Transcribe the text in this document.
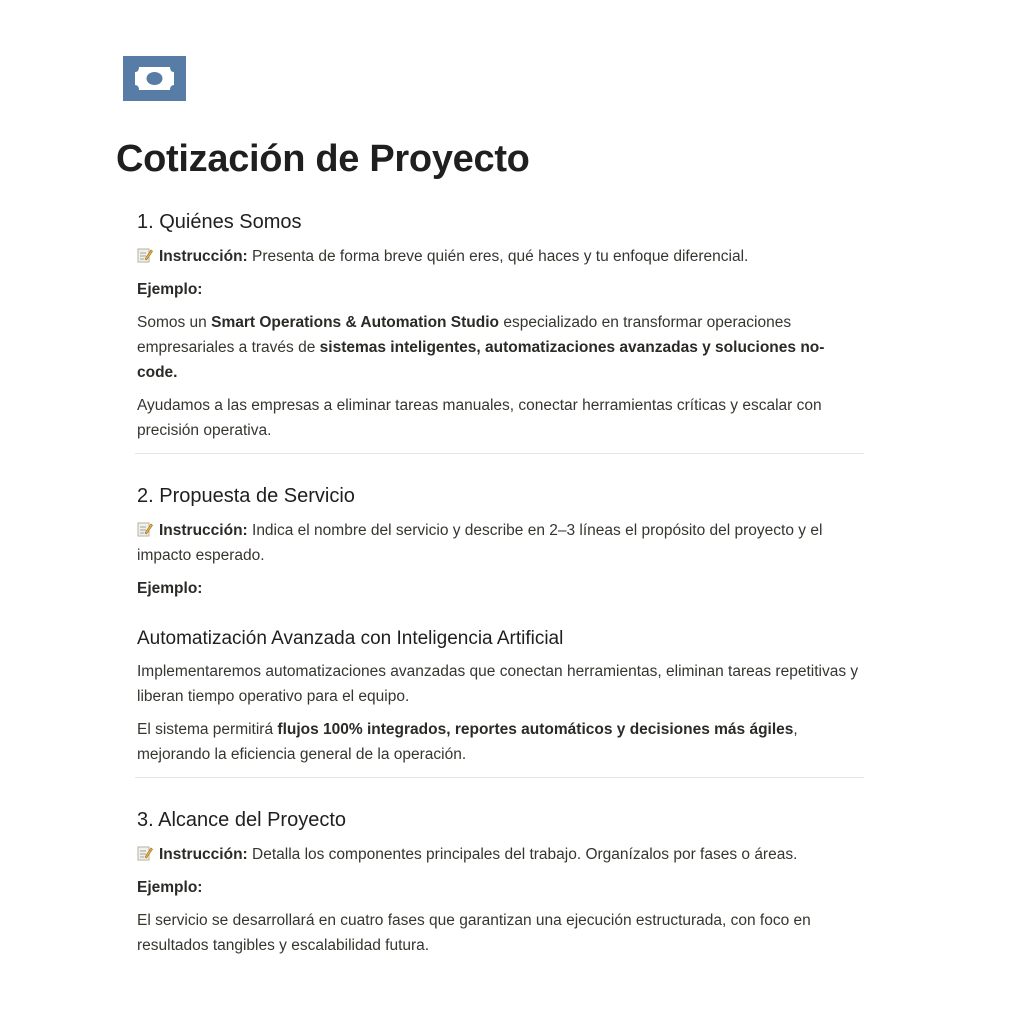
Cotización de Proyecto
1. Quiénes Somos

Instrucción: Presenta de forma breve quién eres, qué haces y tu enfoque diferencial.

Ejemplo:

Somos un Smart Operations & Automation Studio especializado en transformar operaciones empresariales a través de sistemas inteligentes, automatizaciones avanzadas y soluciones no-code.

Ayudamos a las empresas a eliminar tareas manuales, conectar herramientas críticas y escalar con precisión operativa.

2. Propuesta de Servicio

Instrucción: Indica el nombre del servicio y describe en 2–3 líneas el propósito del proyecto y el impacto esperado.

Ejemplo:

Automatización Avanzada con Inteligencia Artificial

Implementaremos automatizaciones avanzadas que conectan herramientas, eliminan tareas repetitivas y liberan tiempo operativo para el equipo.

El sistema permitirá flujos 100% integrados, reportes automáticos y decisiones más ágiles, mejorando la eficiencia general de la operación.

3. Alcance del Proyecto

Instrucción: Detalla los componentes principales del trabajo. Organízalos por fases o áreas.

Ejemplo:

El servicio se desarrollará en cuatro fases que garantizan una ejecución estructurada, con foco en resultados tangibles y escalabilidad futura.
